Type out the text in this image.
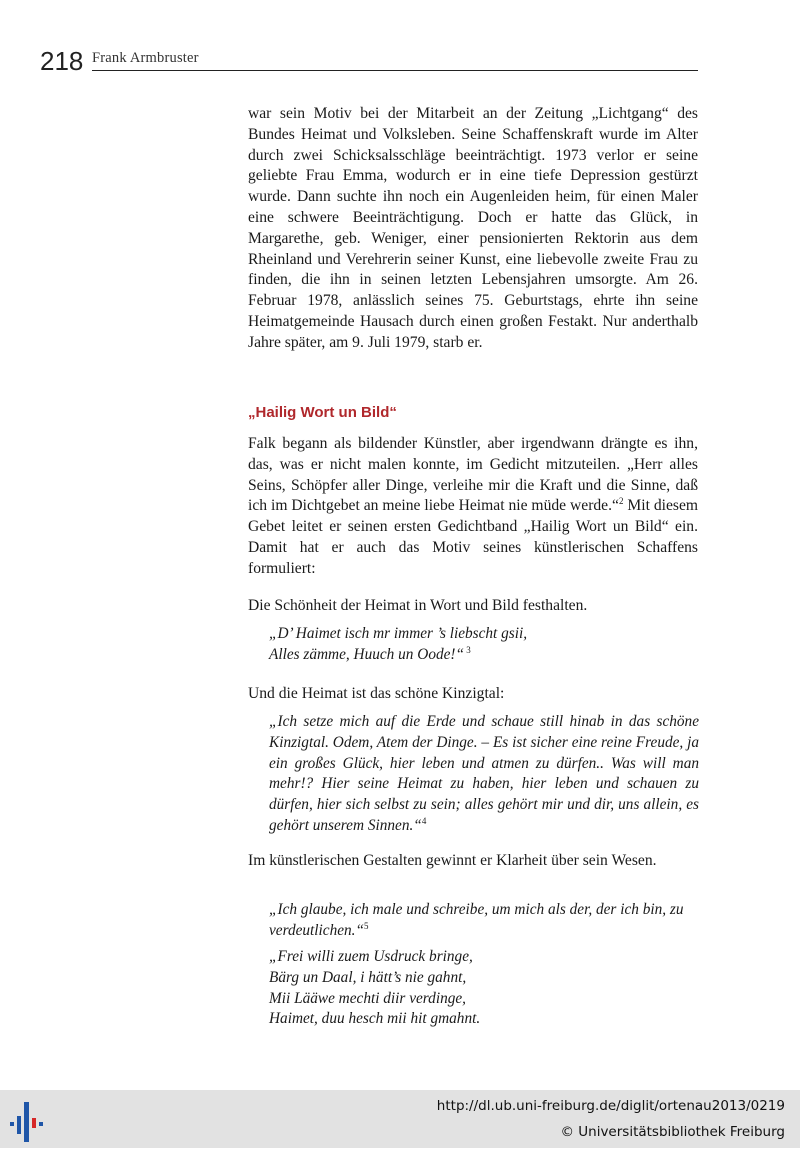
218 Frank Armbruster

war sein Motiv bei der Mitarbeit an der Zeitung „Lichtgang“ des Bundes Heimat und Volksleben. Seine Schaffenskraft wurde im Alter durch zwei Schicksalsschläge beeinträchtigt. 1973 verlor er seine geliebte Frau Emma, wodurch er in eine tiefe Depression gestürzt wurde. Dann suchte ihn noch ein Augenleiden heim, für einen Maler eine schwere Beeinträchtigung. Doch er hatte das Glück, in Margarethe, geb. Weniger, einer pensionierten Rektorin aus dem Rheinland und Verehrerin seiner Kunst, eine liebevolle zweite Frau zu finden, die ihn in seinen letzten Lebensjahren umsorgte. Am 26. Februar 1978, anlässlich seines 75. Geburtstags, ehrte ihn seine Heimatgemeinde Hausach durch einen großen Festakt. Nur anderthalb Jahre später, am 9. Juli 1979, starb er.

„Hailig Wort un Bild“

Falk begann als bildender Künstler, aber irgendwann drängte es ihn, das, was er nicht malen konnte, im Gedicht mitzuteilen. „Herr alles Seins, Schöpfer aller Dinge, verleihe mir die Kraft und die Sinne, daß ich im Dichtgebet an meine liebe Heimat nie müde werde.“$^2$ Mit diesem Gebet leitet er seinen ersten Gedichtband „Hailig Wort un Bild“ ein. Damit hat er auch das Motiv seines künstlerischen Schaffens formuliert:

Die Schönheit der Heimat in Wort und Bild festhalten.

„D’ Haimet isch mr immer ’s liebscht gsii,
Alles zämme, Huuch un Oode!“ $^3$

Und die Heimat ist das schöne Kinzigtal:

„Ich setze mich auf die Erde und schaue still hinab in das schöne Kinzigtal. Odem, Atem der Dinge. – Es ist sicher eine reine Freude, ja ein großes Glück, hier leben und atmen zu dürfen.. Was will man mehr!? Hier seine Heimat zu haben, hier leben und schauen zu dürfen, hier sich selbst zu sein; alles gehört mir und dir, uns allein, es gehört unserem Sinnen.“$^4$

Im künstlerischen Gestalten gewinnt er Klarheit über sein Wesen.

„Ich glaube, ich male und schreibe, um mich als der, der ich bin, zu verdeutlichen.“$^5$

„Frei willi zuem Usdruck bringe,
Bärg un Daal, i hätt’s nie gahnt,
Mii Lääwe mechti diir verdinge,
Haimet, duu hesch mii hit gmahnt.

http://dl.ub.uni-freiburg.de/diglit/ortenau2013/0219
© Universitätsbibliothek Freiburg
